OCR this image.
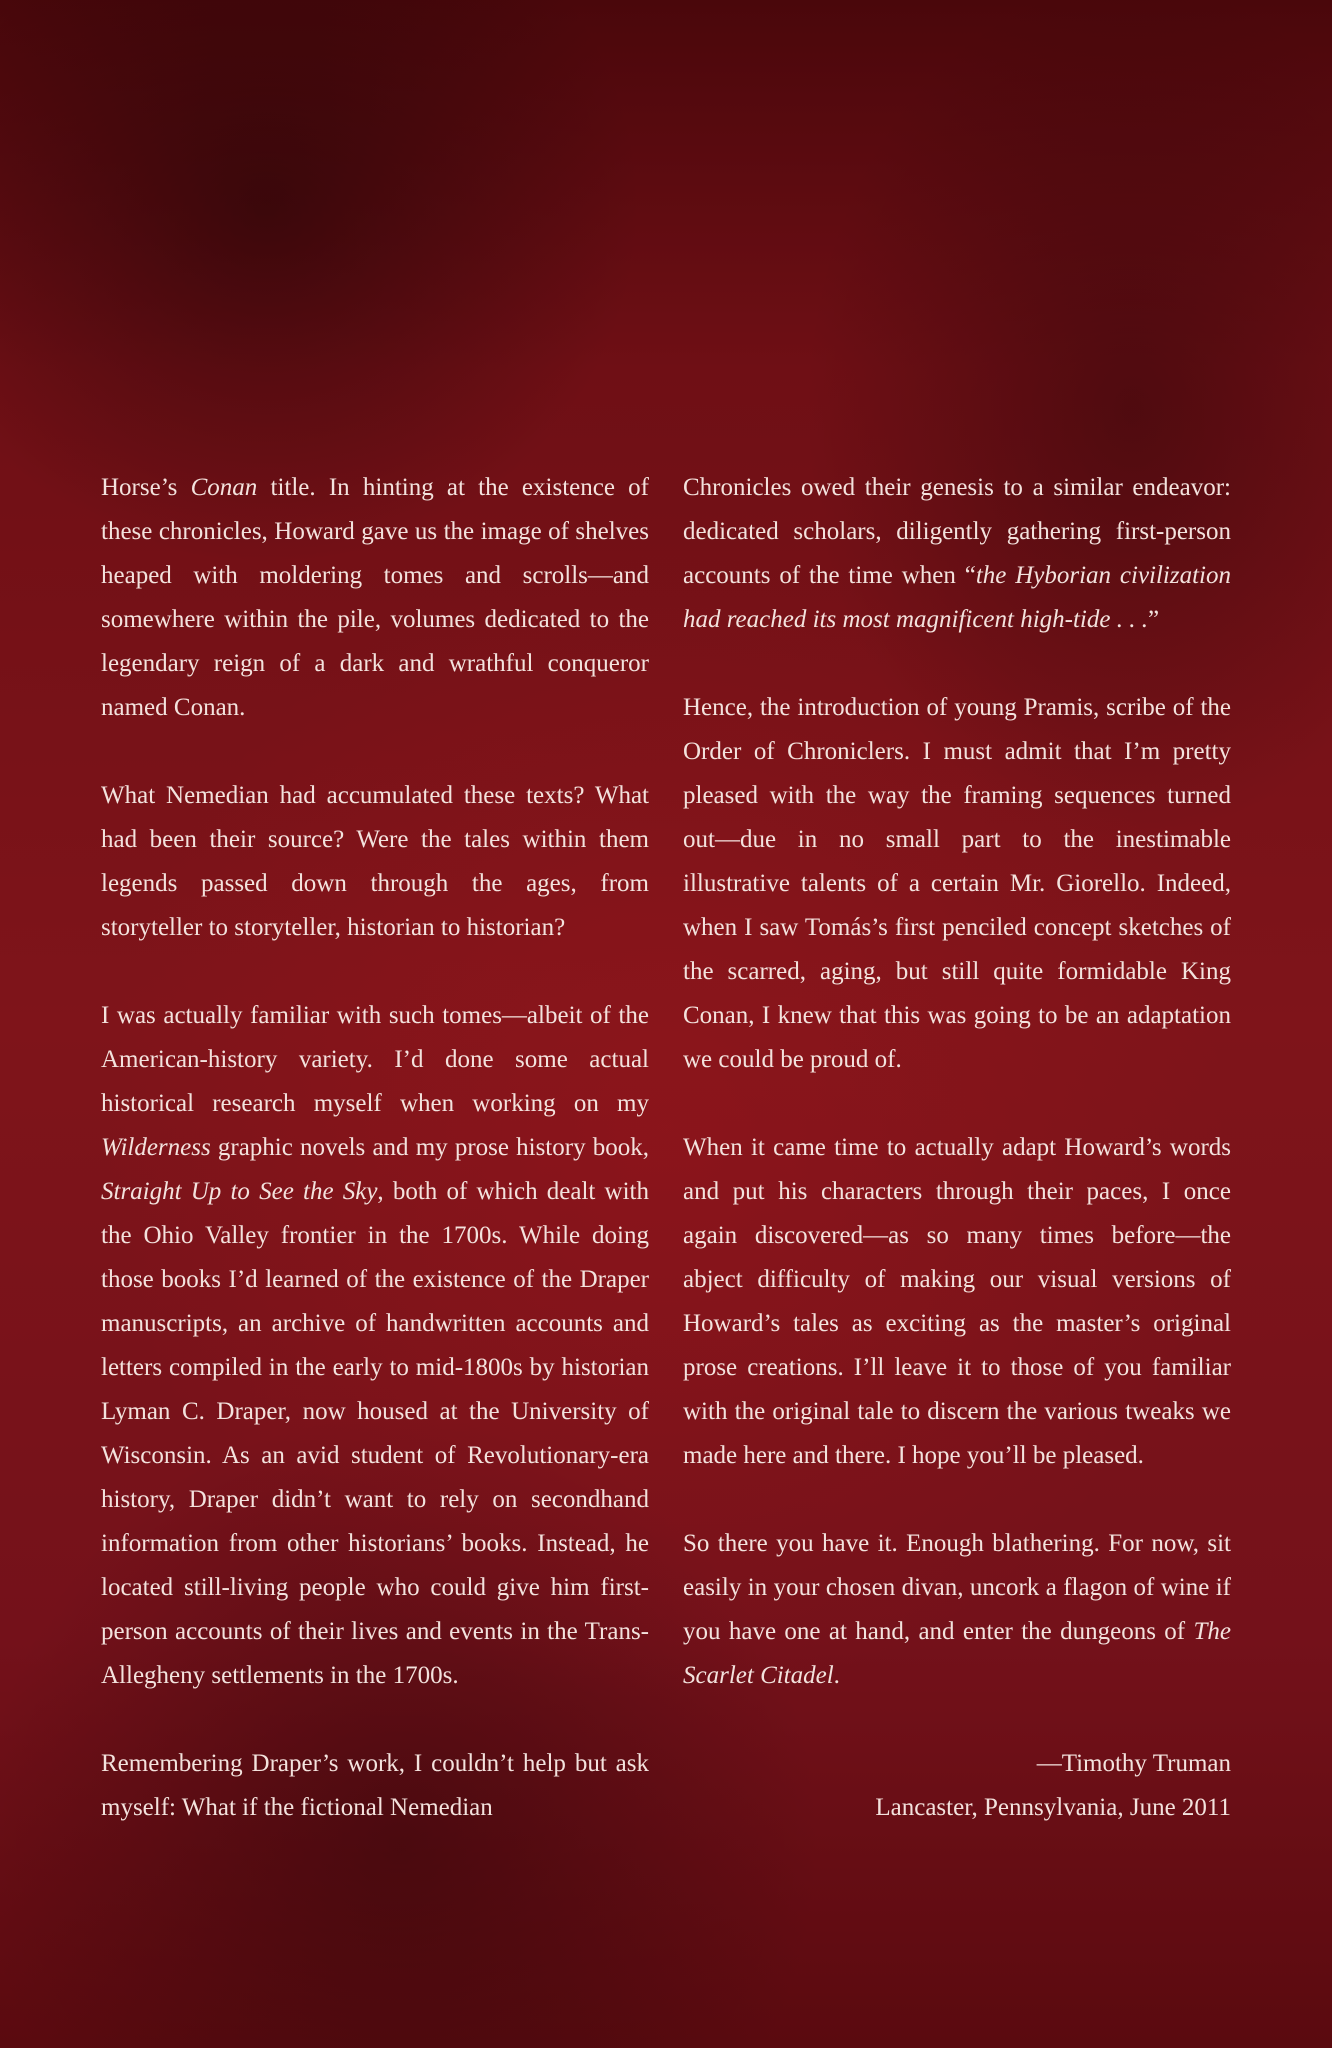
Horse’s Conan title. In hinting at the existence of these chronicles, Howard gave us the image of shelves heaped with moldering tomes and scrolls—and somewhere within the pile, volumes dedicated to the legendary reign of a dark and wrathful conqueror named Conan.

What Nemedian had accumulated these texts? What had been their source? Were the tales within them legends passed down through the ages, from storyteller to storyteller, historian to historian?

I was actually familiar with such tomes—albeit of the American-history variety. I’d done some actual historical research myself when working on my Wilderness graphic novels and my prose history book, Straight Up to See the Sky, both of which dealt with the Ohio Valley frontier in the 1700s. While doing those books I’d learned of the existence of the Draper manuscripts, an archive of handwritten accounts and letters compiled in the early to mid-1800s by historian Lyman C. Draper, now housed at the University of Wisconsin. As an avid student of Revolutionary-era history, Draper didn’t want to rely on secondhand information from other historians’ books. Instead, he located still-living people who could give him first-person accounts of their lives and events in the Trans-Allegheny settlements in the 1700s.

Remembering Draper’s work, I couldn’t help but ask myself: What if the fictional Nemedian

Chronicles owed their genesis to a similar endeavor: dedicated scholars, diligently gathering first-person accounts of the time when “the Hyborian civilization had reached its most magnificent high-tide . . .”

Hence, the introduction of young Pramis, scribe of the Order of Chroniclers. I must admit that I’m pretty pleased with the way the framing sequences turned out—due in no small part to the inestimable illustrative talents of a certain Mr. Giorello. Indeed, when I saw Tomás’s first penciled concept sketches of the scarred, aging, but still quite formidable King Conan, I knew that this was going to be an adaptation we could be proud of.

When it came time to actually adapt Howard’s words and put his characters through their paces, I once again discovered—as so many times before—the abject difficulty of making our visual versions of Howard’s tales as exciting as the master’s original prose creations. I’ll leave it to those of you familiar with the original tale to discern the various tweaks we made here and there. I hope you’ll be pleased.

So there you have it. Enough blathering. For now, sit easily in your chosen divan, uncork a flagon of wine if you have one at hand, and enter the dungeons of The Scarlet Citadel.

—Timothy Truman
Lancaster, Pennsylvania, June 2011
